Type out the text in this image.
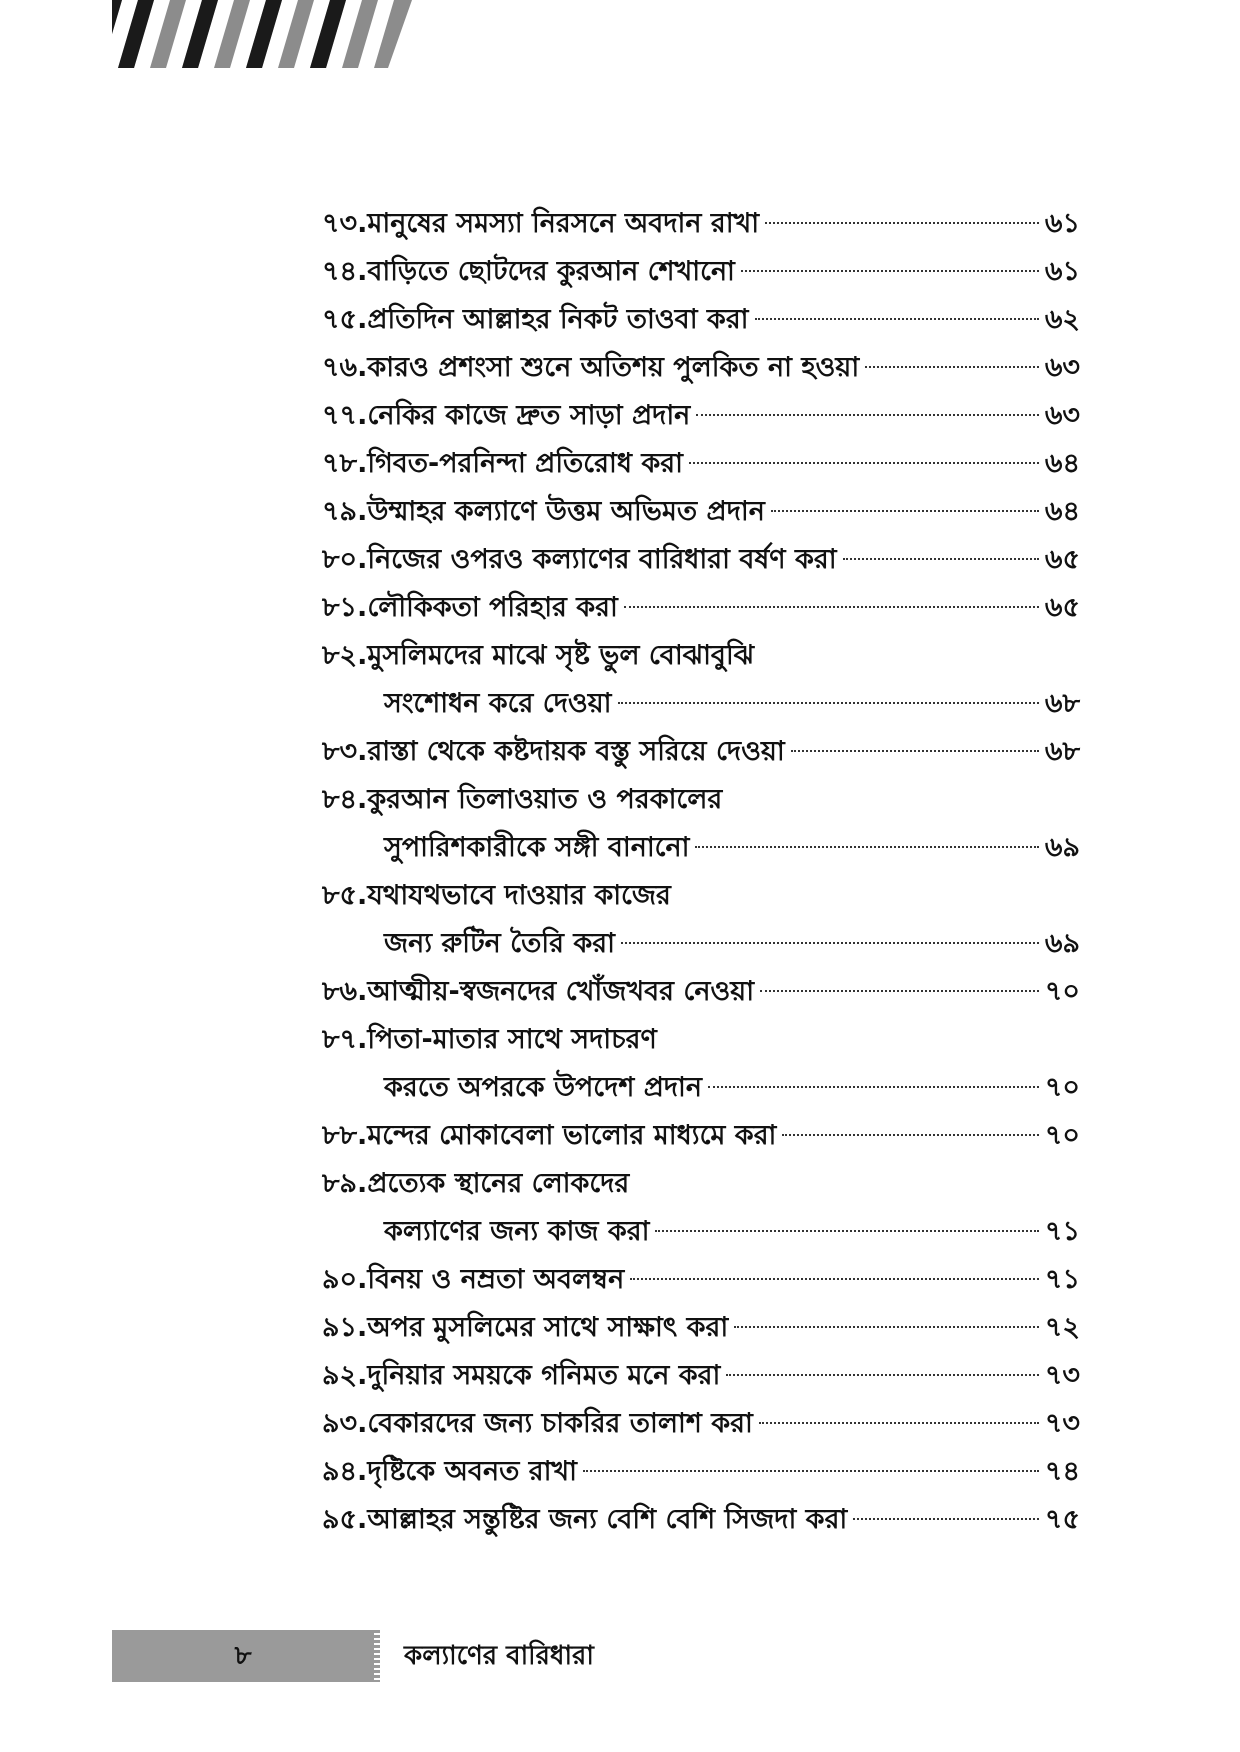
৭৩. মানুষের সমস্যা নিরসনে অবদান রাখা	৬১
৭৪. বাড়িতে ছোটদের কুরআন শেখানো	৬১
৭৫. প্রতিদিন আল্লাহর নিকট তাওবা করা	৬২
৭৬. কারও প্রশংসা শুনে অতিশয় পুলকিত না হওয়া	৬৩
৭৭. নেকির কাজে দ্রুত সাড়া প্রদান	৬৩
৭৮. গিবত-পরনিন্দা প্রতিরোধ করা	৬৪
৭৯. উম্মাহর কল্যাণে উত্তম অভিমত প্রদান	৬৪
৮০. নিজের ওপরও কল্যাণের বারিধারা বর্ষণ করা	৬৫
৮১. লৌকিকতা পরিহার করা	৬৫
৮২. মুসলিমদের মাঝে সৃষ্ট ভুল বোঝাবুঝি
সংশোধন করে দেওয়া	৬৮
৮৩. রাস্তা থেকে কষ্টদায়ক বস্তু সরিয়ে দেওয়া	৬৮
৮৪. কুরআন তিলাওয়াত ও পরকালের
সুপারিশকারীকে সঙ্গী বানানো	৬৯
৮৫. যথাযথভাবে দাওয়ার কাজের
জন্য রুটিন তৈরি করা	৬৯
৮৬. আত্মীয়-স্বজনদের খোঁজখবর নেওয়া	৭০
৮৭. পিতা-মাতার সাথে সদাচরণ
করতে অপরকে উপদেশ প্রদান	৭০
৮৮. মন্দের মোকাবেলা ভালোর মাধ্যমে করা	৭০
৮৯. প্রত্যেক স্থানের লোকদের
কল্যাণের জন্য কাজ করা	৭১
৯০. বিনয় ও নম্রতা অবলম্বন	৭১
৯১. অপর মুসলিমের সাথে সাক্ষাৎ করা	৭২
৯২. দুনিয়ার সময়কে গনিমত মনে করা	৭৩
৯৩. বেকারদের জন্য চাকরির তালাশ করা	৭৩
৯৪. দৃষ্টিকে অবনত রাখা	৭৪
৯৫. আল্লাহর সন্তুষ্টির জন্য বেশি বেশি সিজদা করা	৭৫
৮	কল্যাণের বারিধারা
